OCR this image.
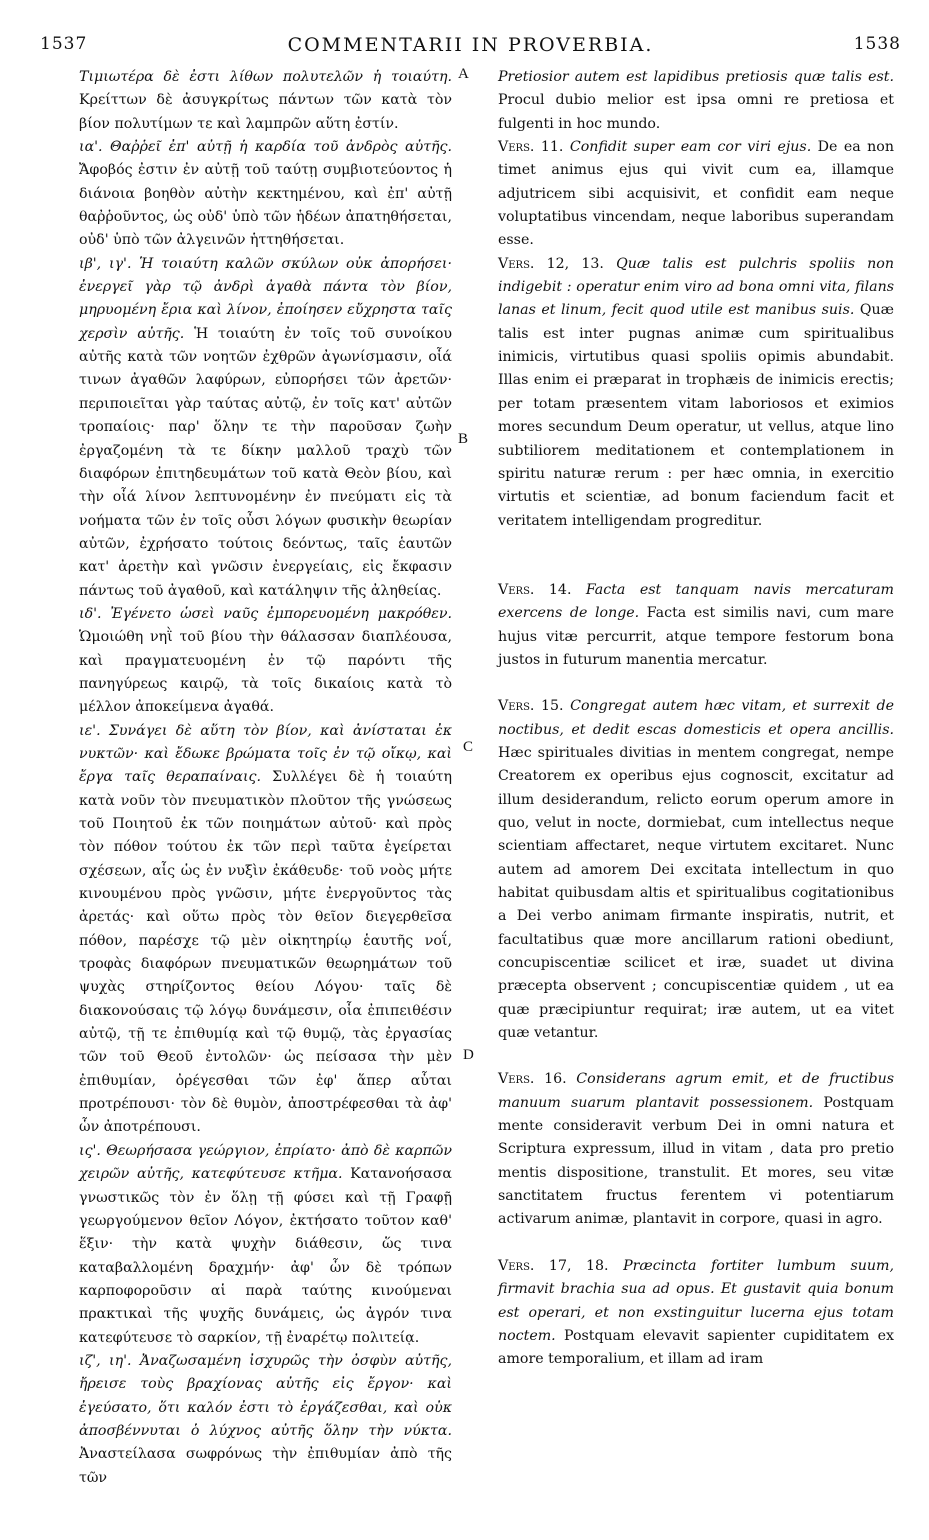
1537	COMMENTARII IN PROVERBIA.	1538
A
B
C
D

Τιμιωτέρα δὲ ἐστι λίθων πολυτελῶν ἡ τοιαύτη. Κρείττων δὲ ἀσυγκρίτως πάντων τῶν κατὰ τὸν βίον πολυτίμων τε καὶ λαμπρῶν αὕτη ἐστίν.

ια'. Θαῤῥεῖ ἐπ' αὐτῇ ἡ καρδία τοῦ ἀνδρὸς αὐτῆς. Ἄφοβός ἐστιν ἐν αὐτῇ τοῦ ταύτῃ συμβιοτεύοντος ἡ διάνοια βοηθὸν αὐτὴν κεκτημένου, καὶ ἐπ' αὐτῇ θαῤῥοῦντος, ὡς οὐδ' ὑπὸ τῶν ἡδέων ἀπατηθήσεται, οὐδ' ὑπὸ τῶν ἀλγεινῶν ἡττηθήσεται.

ιβ', ιγ'. Ἡ τοιαύτη καλῶν σκύλων οὐκ ἀπορήσει· ἐνεργεῖ γὰρ τῷ ἀνδρὶ ἀγαθὰ πάντα τὸν βίον, μηρυομένη ἔρια καὶ λίνον, ἐποίησεν εὔχρηστα ταῖς χερσὶν αὐτῆς. Ἡ τοιαύτη ἐν τοῖς τοῦ συνοίκου αὐτῆς κατὰ τῶν νοητῶν ἐχθρῶν ἀγωνίσμασιν, οἷά τινων ἀγαθῶν λαφύρων, εὐπορήσει τῶν ἀρετῶν· περιποιεῖται γὰρ ταύτας αὐτῷ, ἐν τοῖς κατ' αὐτῶν τροπαίοις· παρ' ὅλην τε τὴν παροῦσαν ζωὴν ἐργαζομένη τὰ τε δίκην μαλλοῦ τραχὺ τῶν διαφόρων ἐπιτηδευμάτων τοῦ κατὰ Θεὸν βίου, καὶ τὴν οἷά λίνον λεπτυνομένην ἐν πνεύματι εἰς τὰ νοήματα τῶν ἐν τοῖς οὖσι λόγων φυσικὴν θεωρίαν αὐτῶν, ἐχρήσατο τούτοις δεόντως, ταῖς ἑαυτῶν κατ' ἀρετὴν καὶ γνῶσιν ἐνεργείαις, εἰς ἔκφασιν πάντως τοῦ ἀγαθοῦ, καὶ κατάληψιν τῆς ἀληθείας.

ιδ'. Ἐγένετο ὡσεὶ ναῦς ἐμπορευομένη μακρόθεν. Ὡμοιώθη νηῒ τοῦ βίου τὴν θάλασσαν διαπλέουσα, καὶ πραγματευομένη ἐν τῷ παρόντι τῆς πανηγύρεως καιρῷ, τὰ τοῖς δικαίοις κατὰ τὸ μέλλον ἀποκείμενα ἀγαθά.

ιε'. Συνάγει δὲ αὕτη τὸν βίον, καὶ ἀνίσταται ἐκ νυκτῶν· καὶ ἔδωκε βρώματα τοῖς ἐν τῷ οἴκῳ, καὶ ἔργα ταῖς θεραπαίναις. Συλλέγει δὲ ἡ τοιαύτη κατὰ νοῦν τὸν πνευματικὸν πλοῦτον τῆς γνώσεως τοῦ Ποιητοῦ ἐκ τῶν ποιημάτων αὐτοῦ· καὶ πρὸς τὸν πόθον τούτου ἐκ τῶν περὶ ταῦτα ἐγείρεται σχέσεων, αἷς ὡς ἐν νυξὶν ἐκάθευδε· τοῦ νοὸς μήτε κινουμένου πρὸς γνῶσιν, μήτε ἐνεργοῦντος τὰς ἀρετάς· καὶ οὕτω πρὸς τὸν θεῖον διεγερθεῖσα πόθον, παρέσχε τῷ μὲν οἰκητηρίῳ ἑαυτῆς νοΐ, τροφὰς διαφόρων πνευματικῶν θεωρημάτων τοῦ ψυχὰς στηρίζοντος θείου Λόγου· ταῖς δὲ διακονούσαις τῷ λόγῳ δυνάμεσιν, οἷα ἐπιπειθέσιν αὐτῷ, τῇ τε ἐπιθυμίᾳ καὶ τῷ θυμῷ, τὰς ἐργασίας τῶν τοῦ Θεοῦ ἐντολῶν· ὡς πείσασα τὴν μὲν ἐπιθυμίαν, ὀρέγεσθαι τῶν ἐφ' ἅπερ αὗται προτρέπουσι· τὸν δὲ θυμὸν, ἀποστρέφεσθαι τὰ ἀφ' ὧν ἀποτρέπουσι.

ις'. Θεωρήσασα γεώργιον, ἐπρίατο· ἀπὸ δὲ καρπῶν χειρῶν αὐτῆς, κατεφύτευσε κτῆμα. Κατανοήσασα γνωστικῶς τὸν ἐν ὅλῃ τῇ φύσει καὶ τῇ Γραφῇ γεωργούμενον θεῖον Λόγον, ἐκτήσατο τοῦτον καθ' ἕξιν· τὴν κατὰ ψυχὴν διάθεσιν, ὥς τινα καταβαλλομένη δραχμήν· ἀφ' ὧν δὲ τρόπων καρποφοροῦσιν αἱ παρὰ ταύτης κινούμεναι πρακτικαὶ τῆς ψυχῆς δυνάμεις, ὡς ἀγρόν τινα κατεφύτευσε τὸ σαρκίον, τῇ ἐναρέτῳ πολιτείᾳ.

ιζ', ιη'. Ἀναζωσαμένη ἰσχυρῶς τὴν ὀσφὺν αὐτῆς, ἤρεισε τοὺς βραχίονας αὐτῆς εἰς ἔργον· καὶ ἐγεύσατο, ὅτι καλόν ἐστι τὸ ἐργάζεσθαι, καὶ οὐκ ἀποσβέννυται ὁ λύχνος αὐτῆς ὅλην τὴν νύκτα. Ἀναστείλασα σωφρόνως τὴν ἐπιθυμίαν ἀπὸ τῆς τῶν

Pretiosior autem est lapidibus pretiosis quæ talis est. Procul dubio melior est ipsa omni re pretiosa et fulgenti in hoc mundo.

Vers. 11. Confidit super eam cor viri ejus. De ea non timet animus ejus qui vivit cum ea, illamque adjutricem sibi acquisivit, et confidit eam neque voluptatibus vincendam, neque laboribus superandam esse.

Vers. 12, 13. Quæ talis est pulchris spoliis non indigebit : operatur enim viro ad bona omni vita, filans lanas et linum, fecit quod utile est manibus suis. Quæ talis est inter pugnas animæ cum spiritualibus inimicis, virtutibus quasi spoliis opimis abundabit. Illas enim ei præparat in trophæis de inimicis erectis; per totam præsentem vitam laboriosos et eximios mores secundum Deum operatur, ut vellus, atque lino subtiliorem meditationem et contemplationem in spiritu naturæ rerum : per hæc omnia, in exercitio virtutis et scientiæ, ad bonum faciendum facit et veritatem intelligendam progreditur.

Vers. 14. Facta est tanquam navis mercaturam exercens de longe. Facta est similis navi, cum mare hujus vitæ percurrit, atque tempore festorum bona justos in futurum manentia mercatur.

Vers. 15. Congregat autem hæc vitam, et surrexit de noctibus, et dedit escas domesticis et opera ancillis. Hæc spirituales divitias in mentem congregat, nempe Creatorem ex operibus ejus cognoscit, excitatur ad illum desiderandum, relicto eorum operum amore in quo, velut in nocte, dormiebat, cum intellectus neque scientiam affectaret, neque virtutem excitaret. Nunc autem ad amorem Dei excitata intellectum in quo habitat quibusdam altis et spiritualibus cogitationibus a Dei verbo animam firmante inspiratis, nutrit, et facultatibus quæ more ancillarum rationi obediunt, concupiscentiæ scilicet et iræ, suadet ut divina præcepta observent ; concupiscentiæ quidem , ut ea quæ præcipiuntur requirat; iræ autem, ut ea vitet quæ vetantur.

Vers. 16. Considerans agrum emit, et de fructibus manuum suarum plantavit possessionem. Postquam mente consideravit verbum Dei in omni natura et Scriptura expressum, illud in vitam , data pro pretio mentis dispositione, transtulit. Et mores, seu vitæ sanctitatem fructus ferentem vi potentiarum activarum animæ, plantavit in corpore, quasi in agro.

Vers. 17, 18. Præcincta fortiter lumbum suum, firmavit brachia sua ad opus. Et gustavit quia bonum est operari, et non exstinguitur lucerna ejus totam noctem. Postquam elevavit sapienter cupiditatem ex amore temporalium, et illam ad iram
